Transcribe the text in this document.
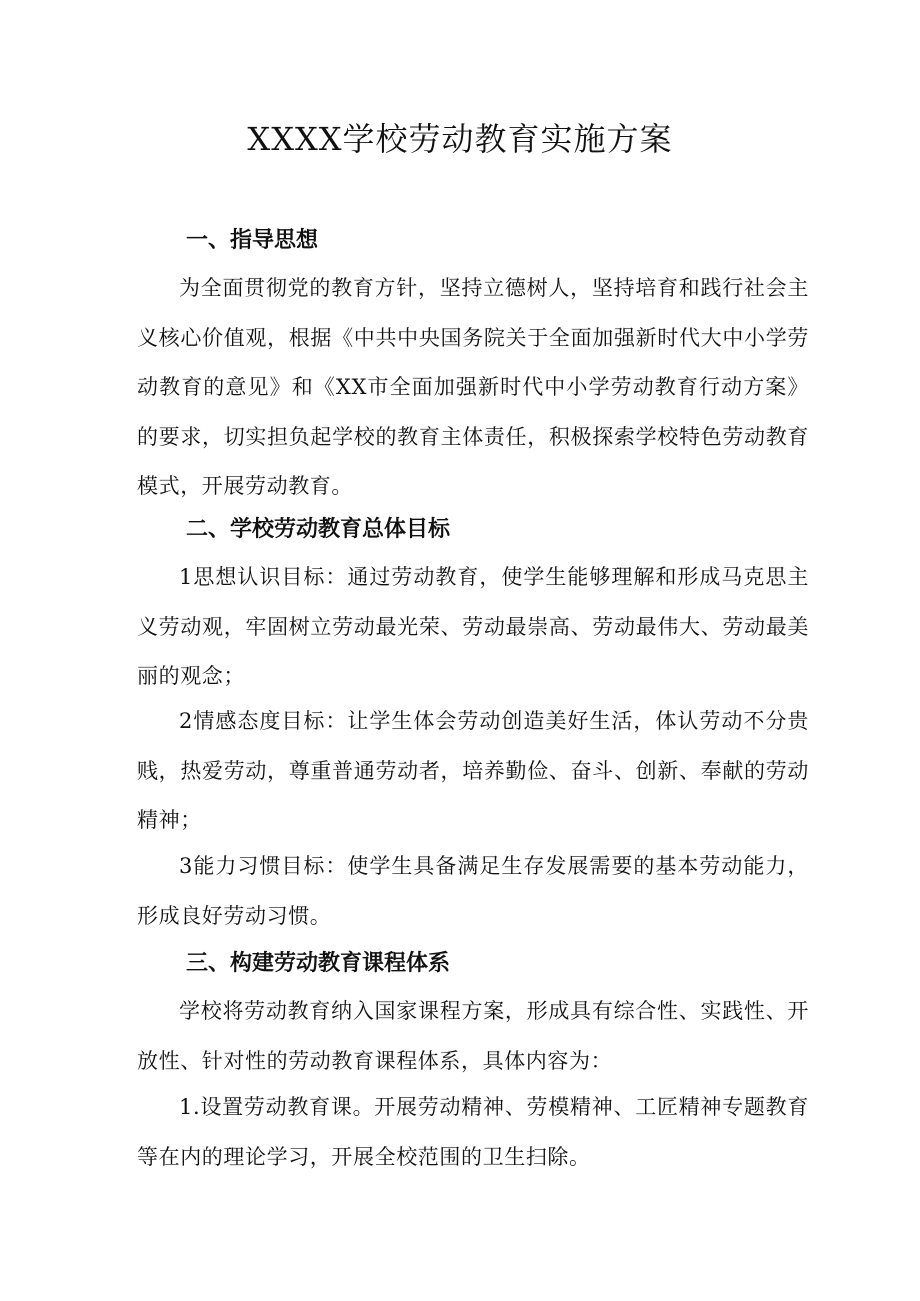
XXXX学校劳动教育实施方案
一、指导思想

为全面贯彻党的教育方针，坚持立德树人，坚持培育和践行社会主义核心价值观，根据《中共中央国务院关于全面加强新时代大中小学劳动教育的意见》和《XX市全面加强新时代中小学劳动教育行动方案》的要求，切实担负起学校的教育主体责任，积极探索学校特色劳动教育模式，开展劳动教育。

二、学校劳动教育总体目标

1思想认识目标：通过劳动教育，使学生能够理解和形成马克思主义劳动观，牢固树立劳动最光荣、劳动最崇高、劳动最伟大、劳动最美丽的观念；

2情感态度目标：让学生体会劳动创造美好生活，体认劳动不分贵贱，热爱劳动，尊重普通劳动者，培养勤俭、奋斗、创新、奉献的劳动精神；

3能力习惯目标：使学生具备满足生存发展需要的基本劳动能力，形成良好劳动习惯。

三、构建劳动教育课程体系

学校将劳动教育纳入国家课程方案，形成具有综合性、实践性、开放性、针对性的劳动教育课程体系，具体内容为：

1.设置劳动教育课。开展劳动精神、劳模精神、工匠精神专题教育等在内的理论学习，开展全校范围的卫生扫除。
